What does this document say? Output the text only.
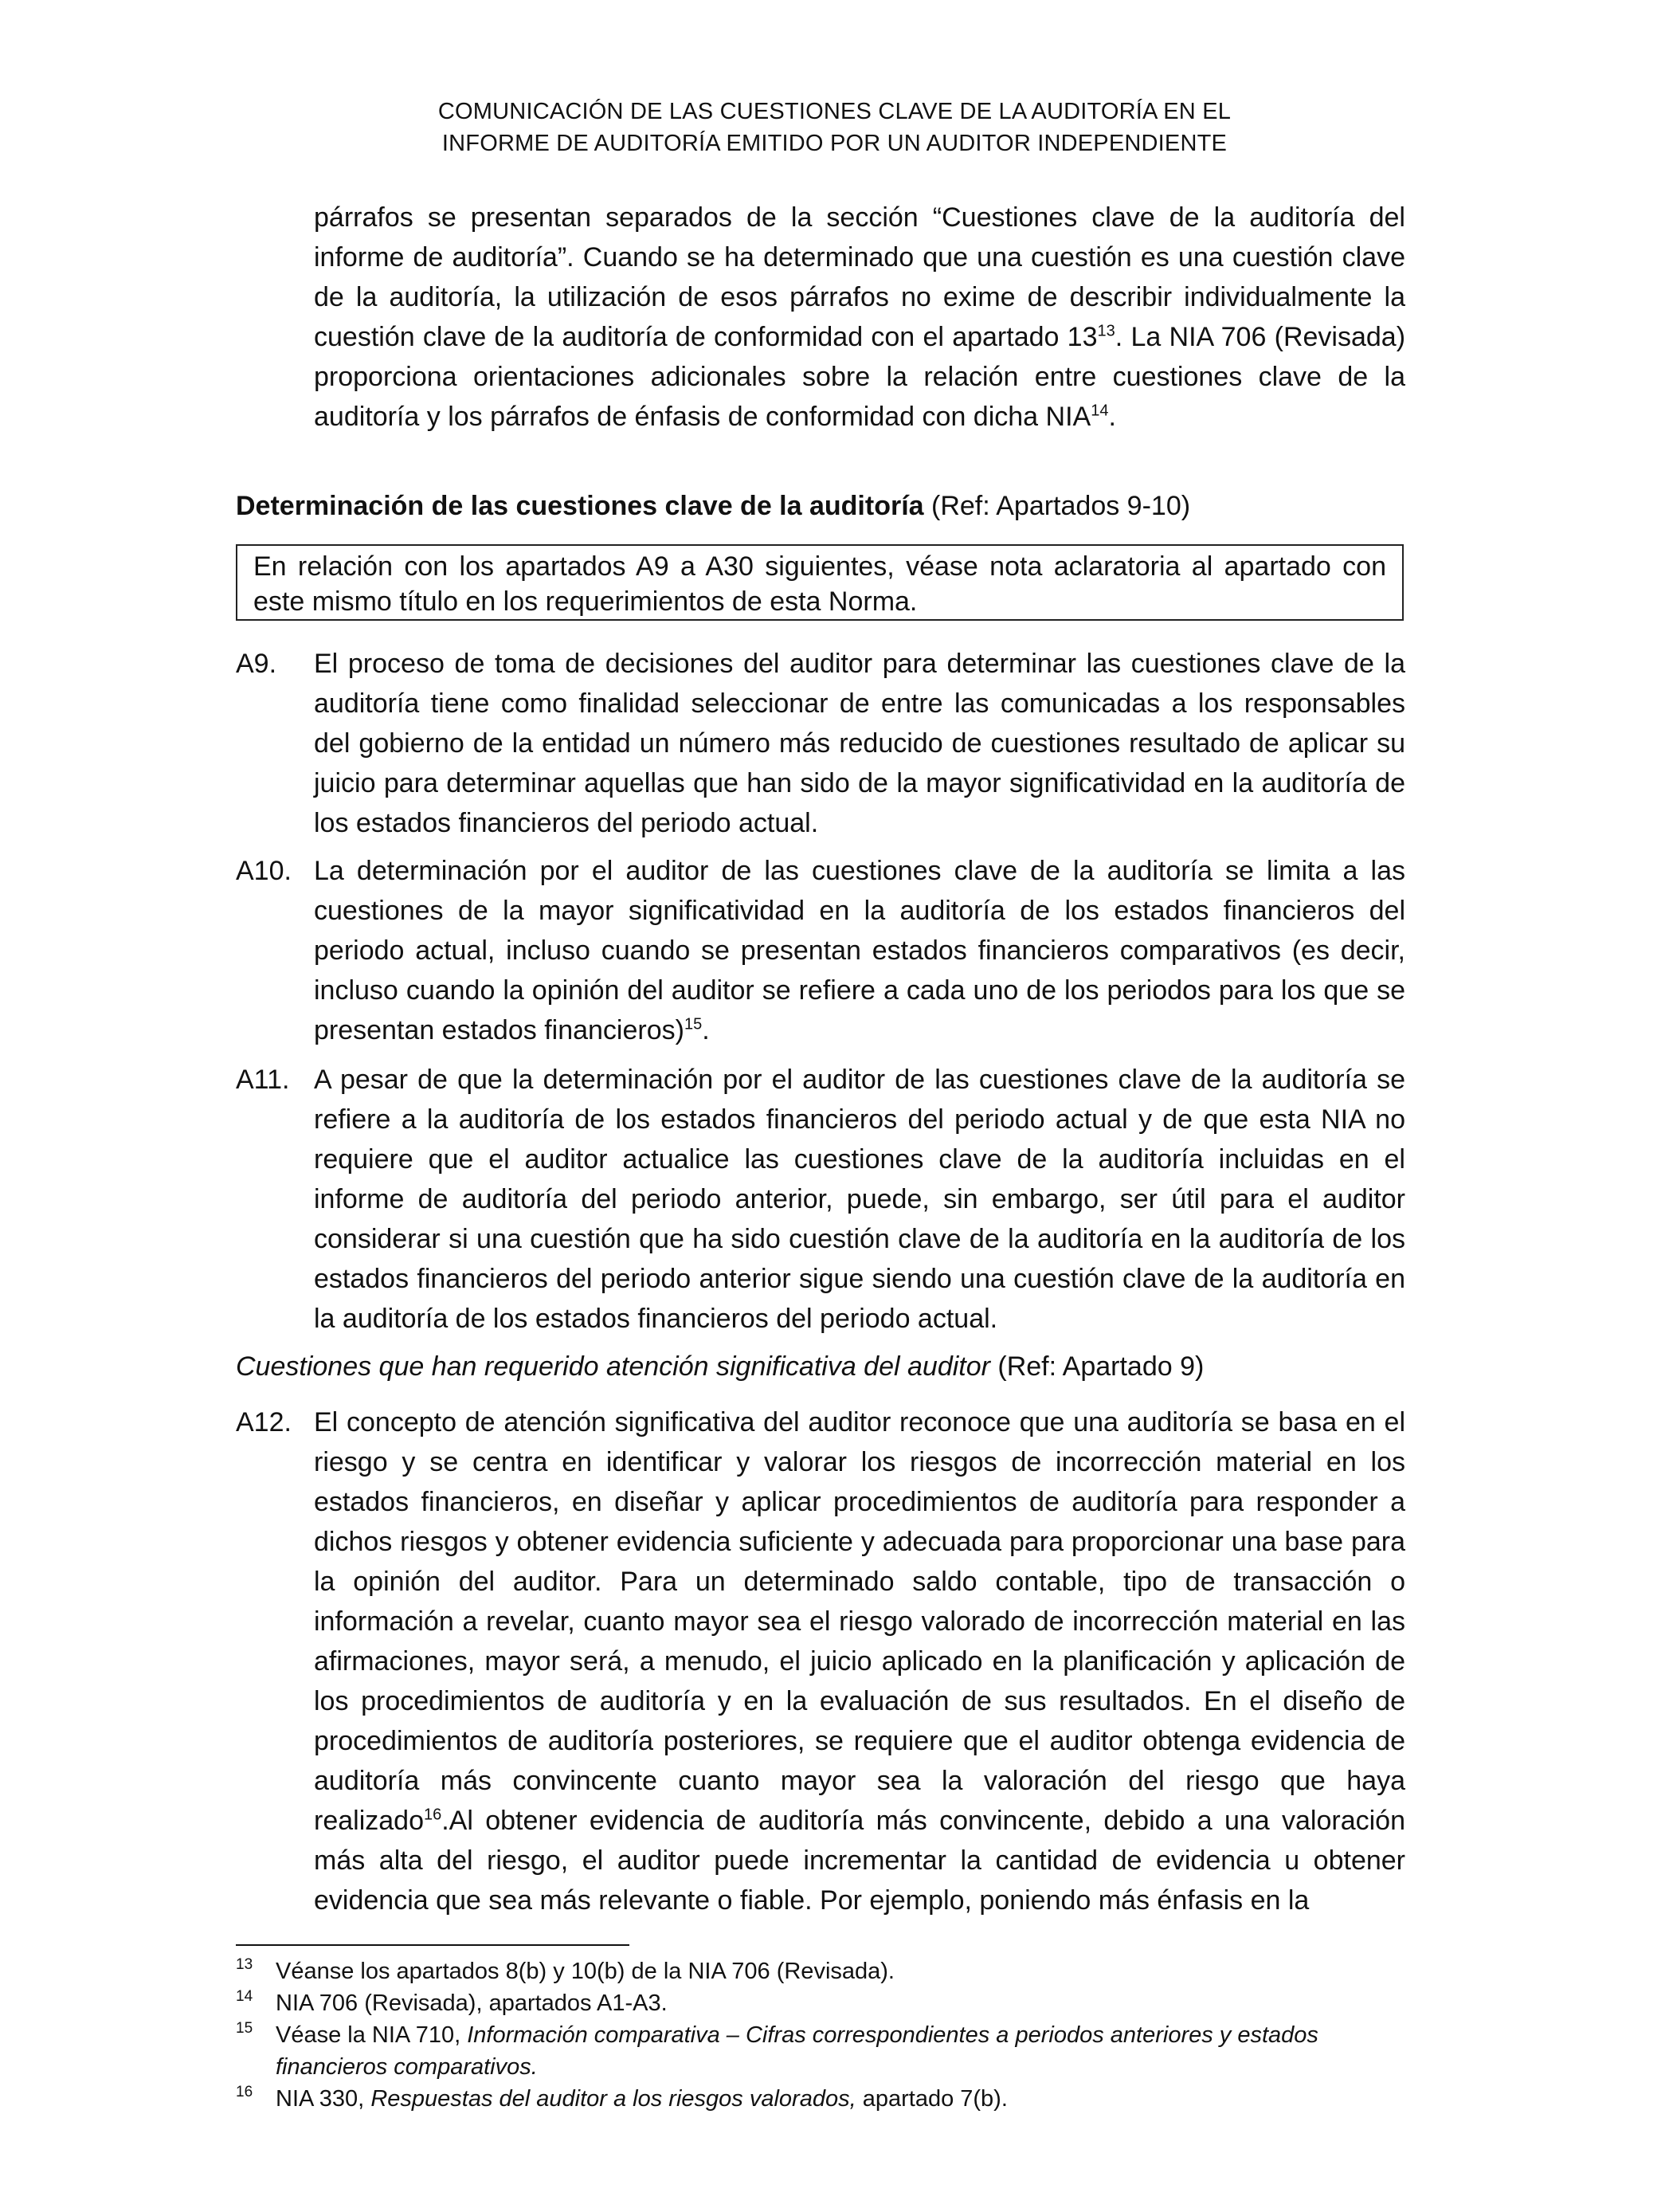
COMUNICACIÓN DE LAS CUESTIONES CLAVE DE LA AUDITORÍA EN EL
INFORME DE AUDITORÍA EMITIDO POR UN AUDITOR INDEPENDIENTE
párrafos se presentan separados de la sección “Cuestiones clave de la auditoría del informe de auditoría”. Cuando se ha determinado que una cuestión es una cuestión clave de la auditoría, la utilización de esos párrafos no exime de describir individualmente la cuestión clave de la auditoría de conformidad con el apartado $13^{13}$. La NIA 706 (Revisada) proporciona orientaciones adicionales sobre la relación entre cuestiones clave de la auditoría y los párrafos de énfasis de conformidad con dicha NIA$^{14}$.
Determinación de las cuestiones clave de la auditoría (Ref: Apartados 9-10)
En relación con los apartados A9 a A30 siguientes, véase nota aclaratoria al apartado con este mismo título en los requerimientos de esta Norma.
A9.	El proceso de toma de decisiones del auditor para determinar las cuestiones clave de la auditoría tiene como finalidad seleccionar de entre las comunicadas a los responsables del gobierno de la entidad un número más reducido de cuestiones resultado de aplicar su juicio para determinar aquellas que han sido de la mayor significatividad en la auditoría de los estados financieros del periodo actual.
A10. La determinación por el auditor de las cuestiones clave de la auditoría se limita a las cuestiones de la mayor significatividad en la auditoría de los estados financieros del periodo actual, incluso cuando se presentan estados financieros comparativos (es decir, incluso cuando la opinión del auditor se refiere a cada uno de los periodos para los que se presentan estados financieros)$^{15}$.
A11. A pesar de que la determinación por el auditor de las cuestiones clave de la auditoría se refiere a la auditoría de los estados financieros del periodo actual y de que esta NIA no requiere que el auditor actualice las cuestiones clave de la auditoría incluidas en el informe de auditoría del periodo anterior, puede, sin embargo, ser útil para el auditor considerar si una cuestión que ha sido cuestión clave de la auditoría en la auditoría de los estados financieros del periodo anterior sigue siendo una cuestión clave de la auditoría en la auditoría de los estados financieros del periodo actual.
Cuestiones que han requerido atención significativa del auditor (Ref: Apartado 9)
A12. El concepto de atención significativa del auditor reconoce que una auditoría se basa en el riesgo y se centra en identificar y valorar los riesgos de incorrección material en los estados financieros, en diseñar y aplicar procedimientos de auditoría para responder a dichos riesgos y obtener evidencia suficiente y adecuada para proporcionar una base para la opinión del auditor. Para un determinado saldo contable, tipo de transacción o información a revelar, cuanto mayor sea el riesgo valorado de incorrección material en las afirmaciones, mayor será, a menudo, el juicio aplicado en la planificación y aplicación de los procedimientos de auditoría y en la evaluación de sus resultados. En el diseño de procedimientos de auditoría posteriores, se requiere que el auditor obtenga evidencia de auditoría más convincente cuanto mayor sea la valoración del riesgo que haya realizado$^{16}$.Al obtener evidencia de auditoría más convincente, debido a una valoración más alta del riesgo, el auditor puede incrementar la cantidad de evidencia u obtener evidencia que sea más relevante o fiable. Por ejemplo, poniendo más énfasis en la
13 Véanse los apartados 8(b) y 10(b) de la NIA 706 (Revisada).
14 NIA 706 (Revisada), apartados A1-A3.
15 Véase la NIA 710, Información comparativa – Cifras correspondientes a periodos anteriores y estados financieros comparativos.
16 NIA 330, Respuestas del auditor a los riesgos valorados, apartado 7(b).
